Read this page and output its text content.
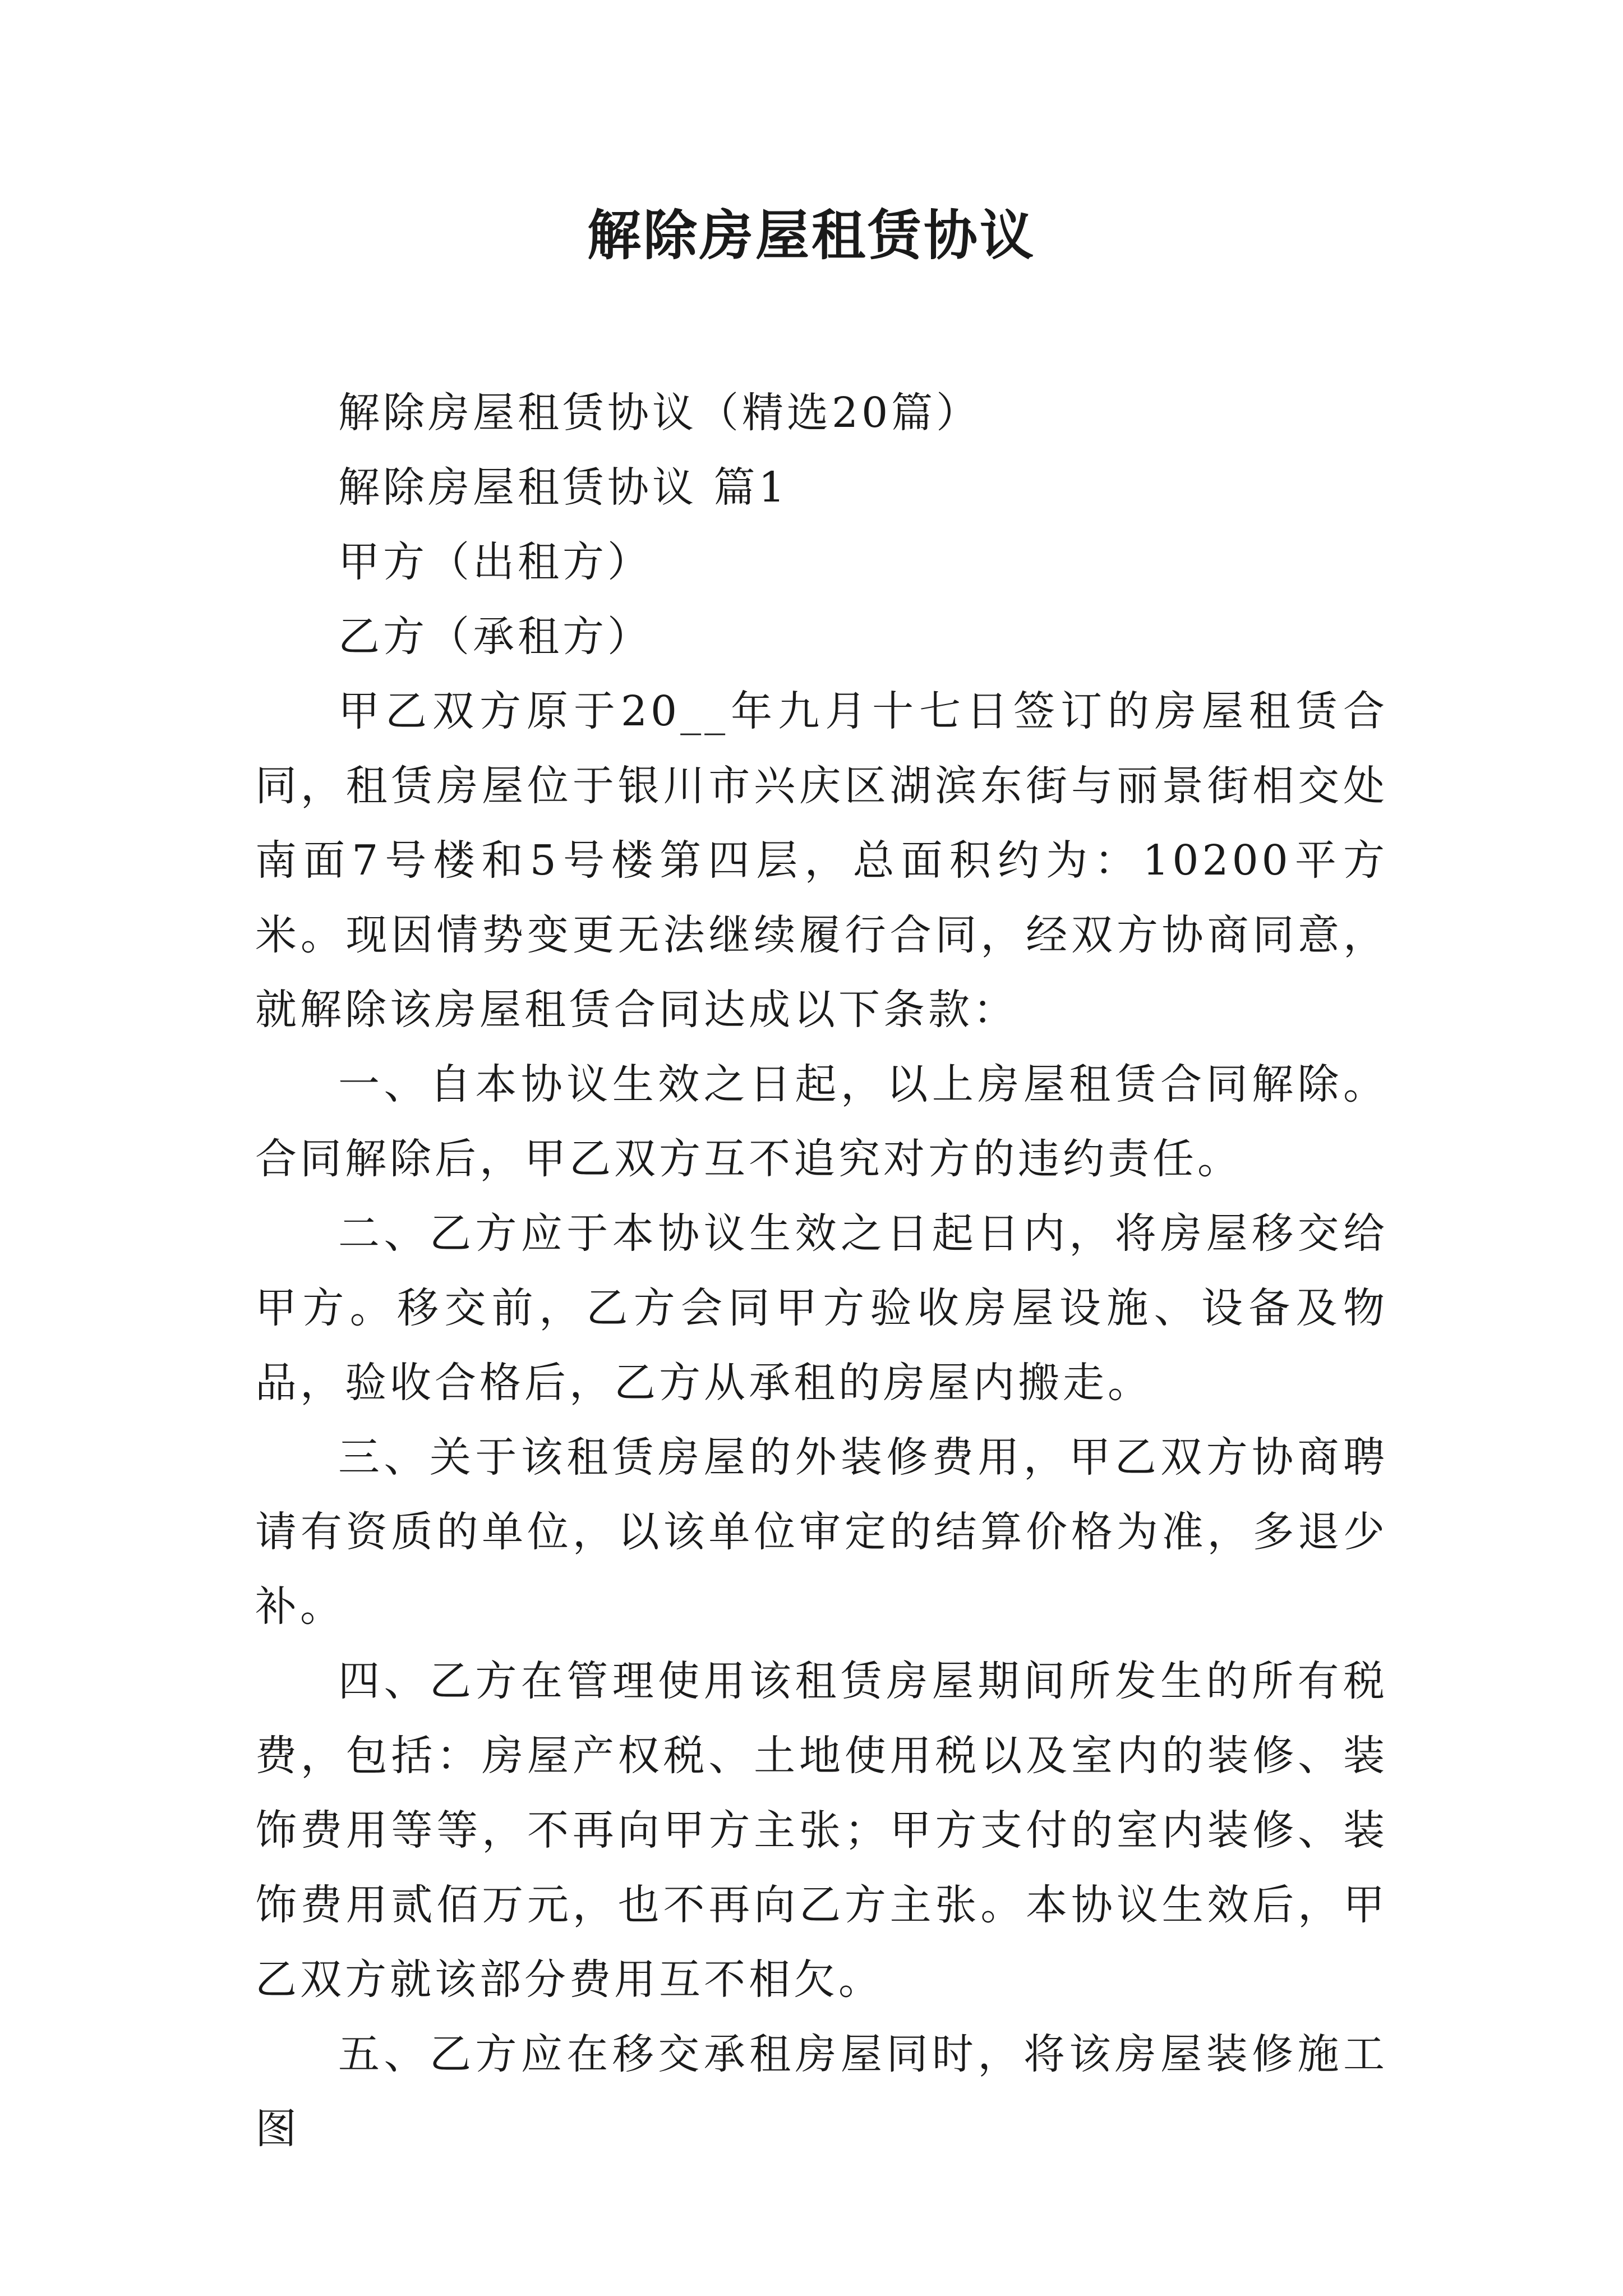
解除房屋租赁协议

解除房屋租赁协议（精选20篇）

解除房屋租赁协议 篇1

甲方（出租方）

乙方（承租方）

甲乙双方原于20__年九月十七日签订的房屋租赁合同，租赁房屋位于银川市兴庆区湖滨东街与丽景街相交处南面7号楼和5号楼第四层，总面积约为：10200平方米。现因情势变更无法继续履行合同，经双方协商同意，就解除该房屋租赁合同达成以下条款：

一、自本协议生效之日起，以上房屋租赁合同解除。合同解除后，甲乙双方互不追究对方的违约责任。

二、乙方应于本协议生效之日起日内，将房屋移交给甲方。移交前，乙方会同甲方验收房屋设施、设备及物品，验收合格后，乙方从承租的房屋内搬走。

三、关于该租赁房屋的外装修费用，甲乙双方协商聘请有资质的单位，以该单位审定的结算价格为准，多退少补。

四、乙方在管理使用该租赁房屋期间所发生的所有税费，包括：房屋产权税、土地使用税以及室内的装修、装饰费用等等，不再向甲方主张；甲方支付的室内装修、装饰费用贰佰万元，也不再向乙方主张。本协议生效后，甲乙双方就该部分费用互不相欠。

五、乙方应在移交承租房屋同时，将该房屋装修施工图
